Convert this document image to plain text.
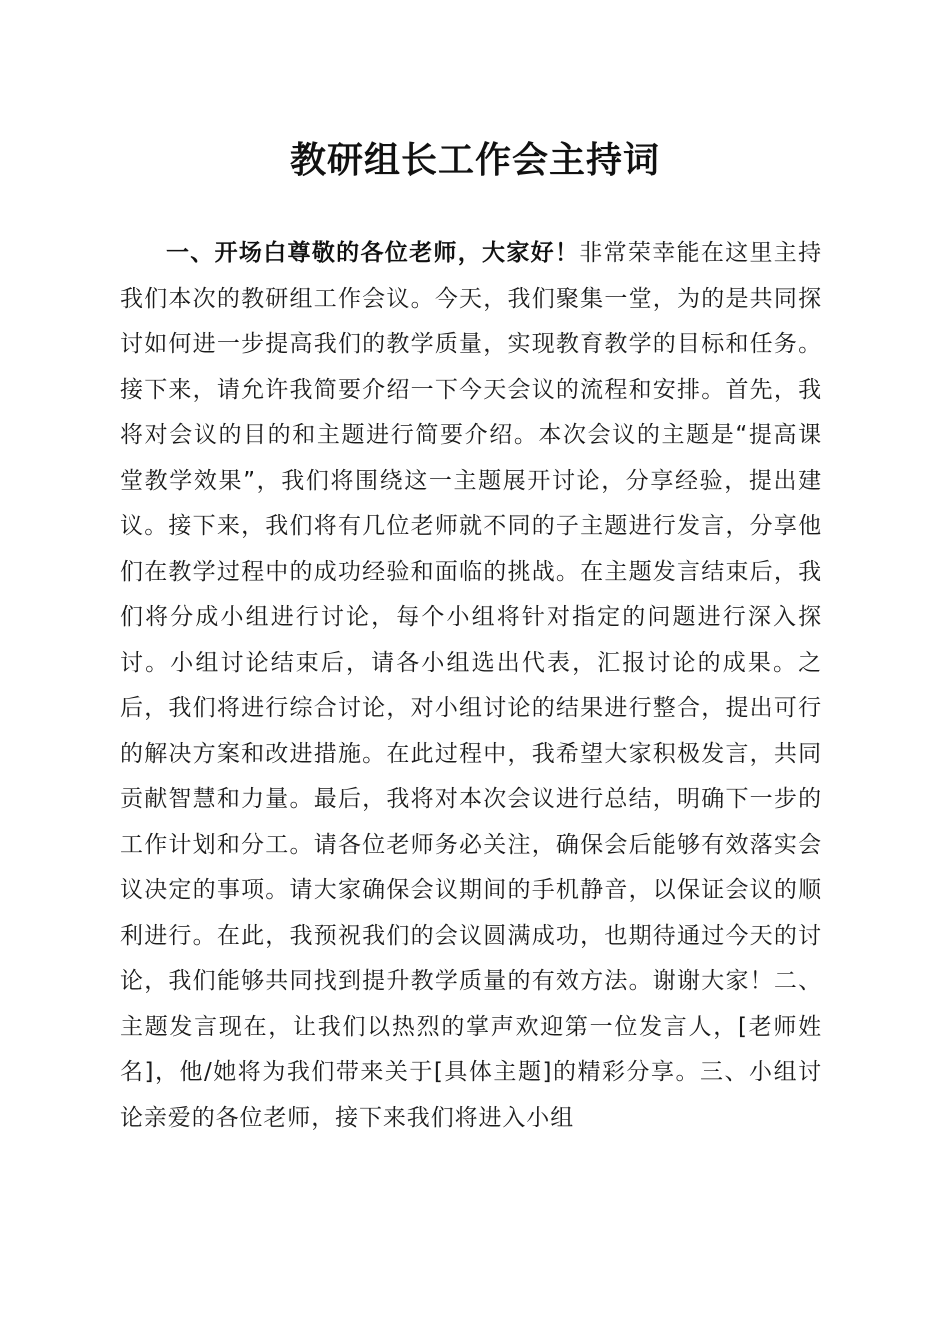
教研组长工作会主持词

一、开场白尊敬的各位老师，大家好！非常荣幸能在这里主持我们本次的教研组工作会议。今天，我们聚集一堂，为的是共同探讨如何进一步提高我们的教学质量，实现教育教学的目标和任务。接下来，请允许我简要介绍一下今天会议的流程和安排。首先，我将对会议的目的和主题进行简要介绍。本次会议的主题是“提高课堂教学效果”，我们将围绕这一主题展开讨论，分享经验，提出建议。接下来，我们将有几位老师就不同的子主题进行发言，分享他们在教学过程中的成功经验和面临的挑战。在主题发言结束后，我们将分成小组进行讨论，每个小组将针对指定的问题进行深入探讨。小组讨论结束后，请各小组选出代表，汇报讨论的成果。之后，我们将进行综合讨论，对小组讨论的结果进行整合，提出可行的解决方案和改进措施。在此过程中，我希望大家积极发言，共同贡献智慧和力量。最后，我将对本次会议进行总结，明确下一步的工作计划和分工。请各位老师务必关注，确保会后能够有效落实会议决定的事项。请大家确保会议期间的手机静音，以保证会议的顺利进行。在此，我预祝我们的会议圆满成功，也期待通过今天的讨论，我们能够共同找到提升教学质量的有效方法。谢谢大家！二、主题发言现在，让我们以热烈的掌声欢迎第一位发言人，[老师姓名]，他/她将为我们带来关于[具体主题]的精彩分享。三、小组讨论亲爱的各位老师，接下来我们将进入小组
